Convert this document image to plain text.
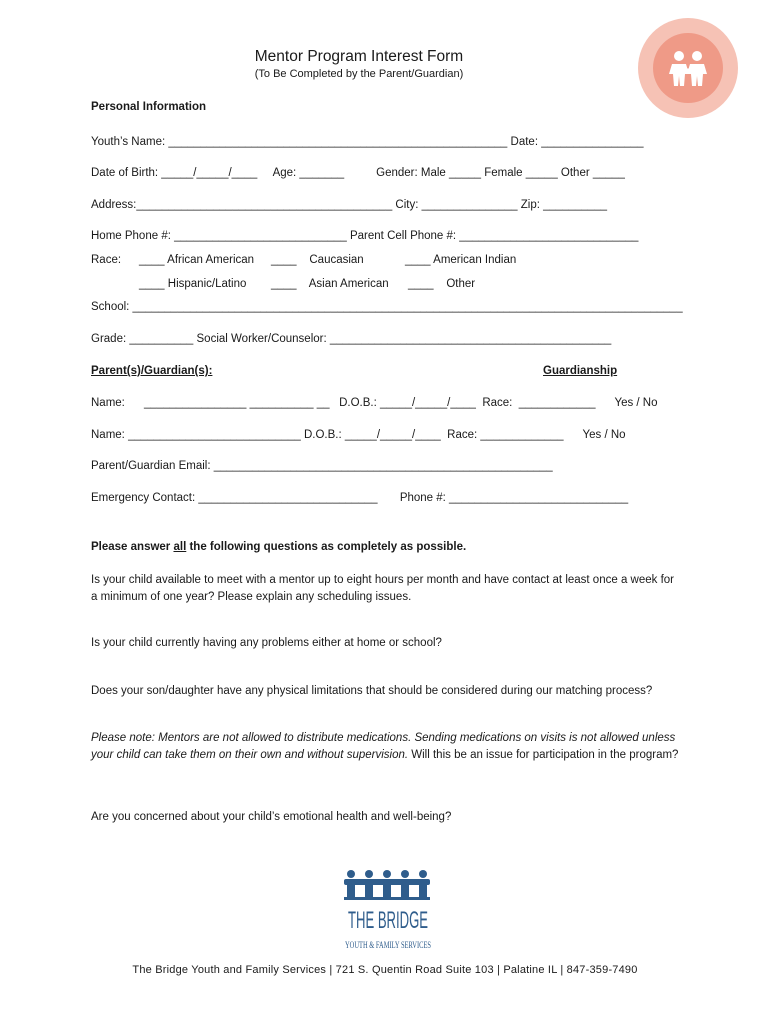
Mentor Program Interest Form
(To Be Completed by the Parent/Guardian)
Personal Information
Youth’s Name: _____________________________________________________ Date: ________________
Date of Birth: _____/_____/____     Age: _______          Gender: Male _____ Female _____ Other _____
Address:________________________________________ City: _______________ Zip: __________
Home Phone #: ___________________________ Parent Cell Phone #: ____________________________
Race: ____ African American ____    Caucasian	____ American Indian
____ Hispanic/Latino ____    Asian American ____    Other
School: ______________________________________________________________________________________
Grade: __________ Social Worker/Counselor: ____________________________________________
Parent(s)/Guardian(s):	Guardianship
Name:      ________________ __________ __   D.O.B.: _____/_____/____  Race:  ____________      Yes / No
Name: ___________________________ D.O.B.: _____/_____/____  Race: _____________      Yes / No
Parent/Guardian Email: _____________________________________________________
Emergency Contact: ____________________________       Phone #: ____________________________
Please answer all the following questions as completely as possible.
Is your child available to meet with a mentor up to eight hours per month and have contact at least once a week for a minimum of one year? Please explain any scheduling issues.
Is your child currently having any problems either at home or school?
Does your son/daughter have any physical limitations that should be considered during our matching process?
Please note: Mentors are not allowed to distribute medications. Sending medications on visits is not allowed unless your child can take them on their own and without supervision. Will this be an issue for participation in the program?
Are you concerned about your child’s emotional health and well-being?
THE BRIDGE
YOUTH & FAMILY SERVICES
The Bridge Youth and Family Services | 721 S. Quentin Road Suite 103 | Palatine IL | 847-359-7490
